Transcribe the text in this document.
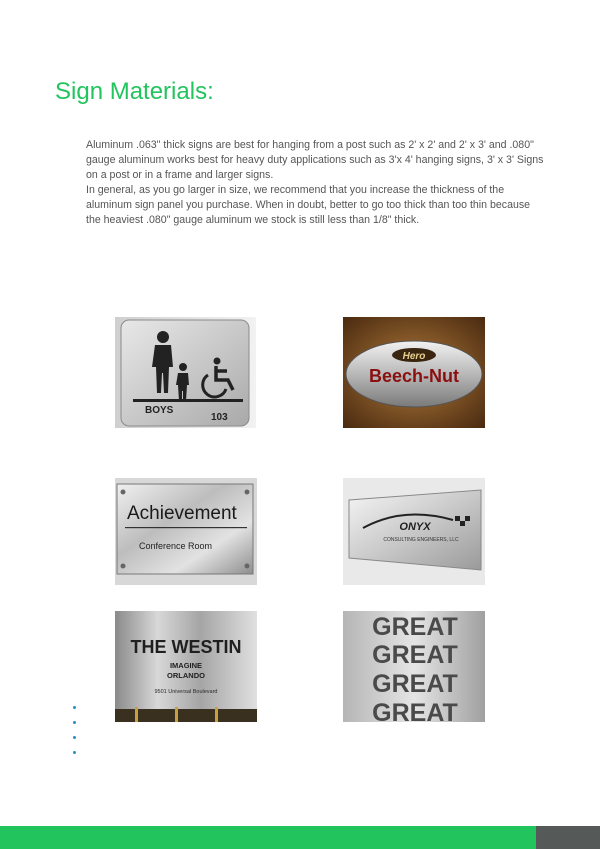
Sign Materials:

Aluminum .063" thick signs are best for hanging from a post such as 2' x 2' and 2' x 3' and .080" gauge aluminum works best for heavy duty applications such as 3'x 4' hanging signs, 3' x 3' Signs on a post or in a frame and larger signs.

In general, as you go larger in size, we recommend that you increase the thickness of the aluminum sign panel you purchase. When in doubt, better to go too thick than too thin because the heaviest .080" gauge aluminum we stock is still less than 1/8" thick.

BOYS
103
Hero
Beech-Nut
Achievement
Conference Room
ONYX
CONSULTING ENGINEERS, LLC
THE WESTIN
IMAGINE
ORLANDO
9501 Universal Boulevard
GREAT
GREAT
GREAT
GREAT
